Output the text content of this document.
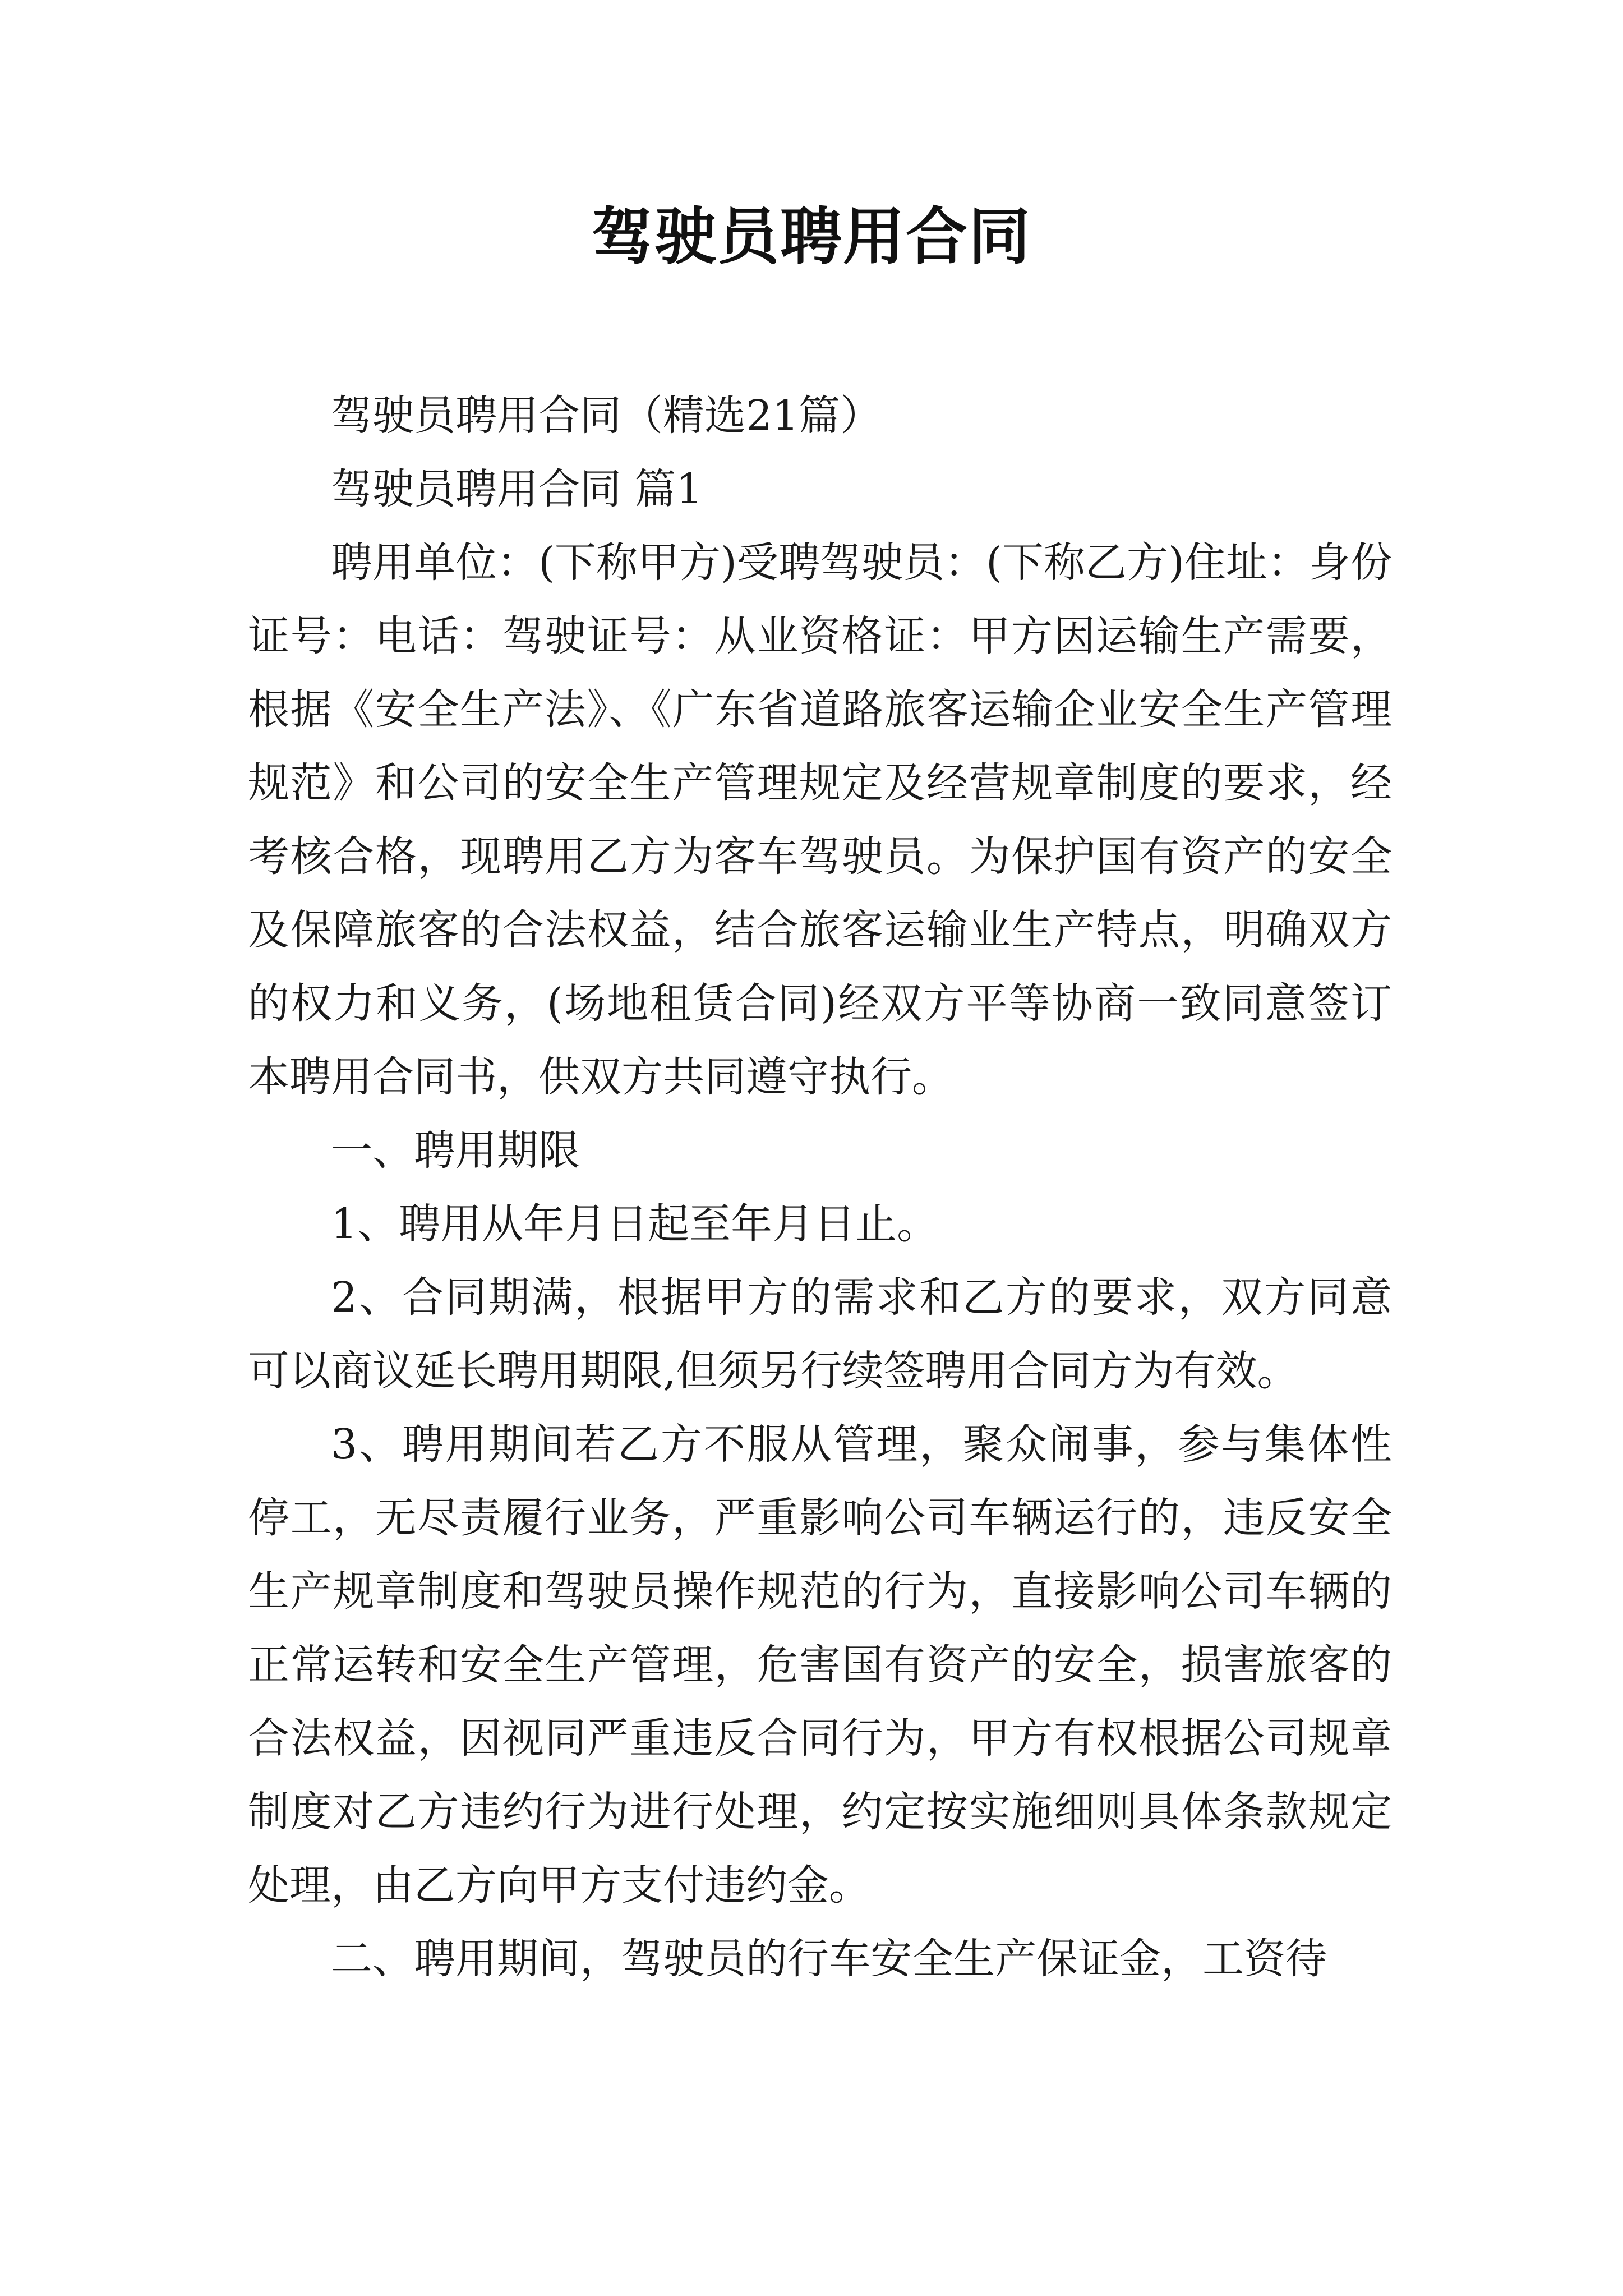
驾驶员聘用合同

驾驶员聘用合同（精选21篇）

驾驶员聘用合同 篇1

聘用单位：(下称甲方)受聘驾驶员：(下称乙方)住址：身份证号：电话：驾驶证号：从业资格证：甲方因运输生产需要，根据《安全生产法》、《广东省道路旅客运输企业安全生产管理规范》和公司的安全生产管理规定及经营规章制度的要求，经考核合格，现聘用乙方为客车驾驶员。为保护国有资产的安全及保障旅客的合法权益，结合旅客运输业生产特点，明确双方的权力和义务，(场地租赁合同)经双方平等协商一致同意签订本聘用合同书，供双方共同遵守执行。

一、聘用期限

1、聘用从年月日起至年月日止。

2、合同期满，根据甲方的需求和乙方的要求，双方同意可以商议延长聘用期限,但须另行续签聘用合同方为有效。

3、聘用期间若乙方不服从管理，聚众闹事，参与集体性停工，无尽责履行业务，严重影响公司车辆运行的，违反安全生产规章制度和驾驶员操作规范的行为，直接影响公司车辆的正常运转和安全生产管理，危害国有资产的安全，损害旅客的合法权益，因视同严重违反合同行为，甲方有权根据公司规章制度对乙方违约行为进行处理，约定按实施细则具体条款规定处理，由乙方向甲方支付违约金。

二、聘用期间，驾驶员的行车安全生产保证金，工资待
